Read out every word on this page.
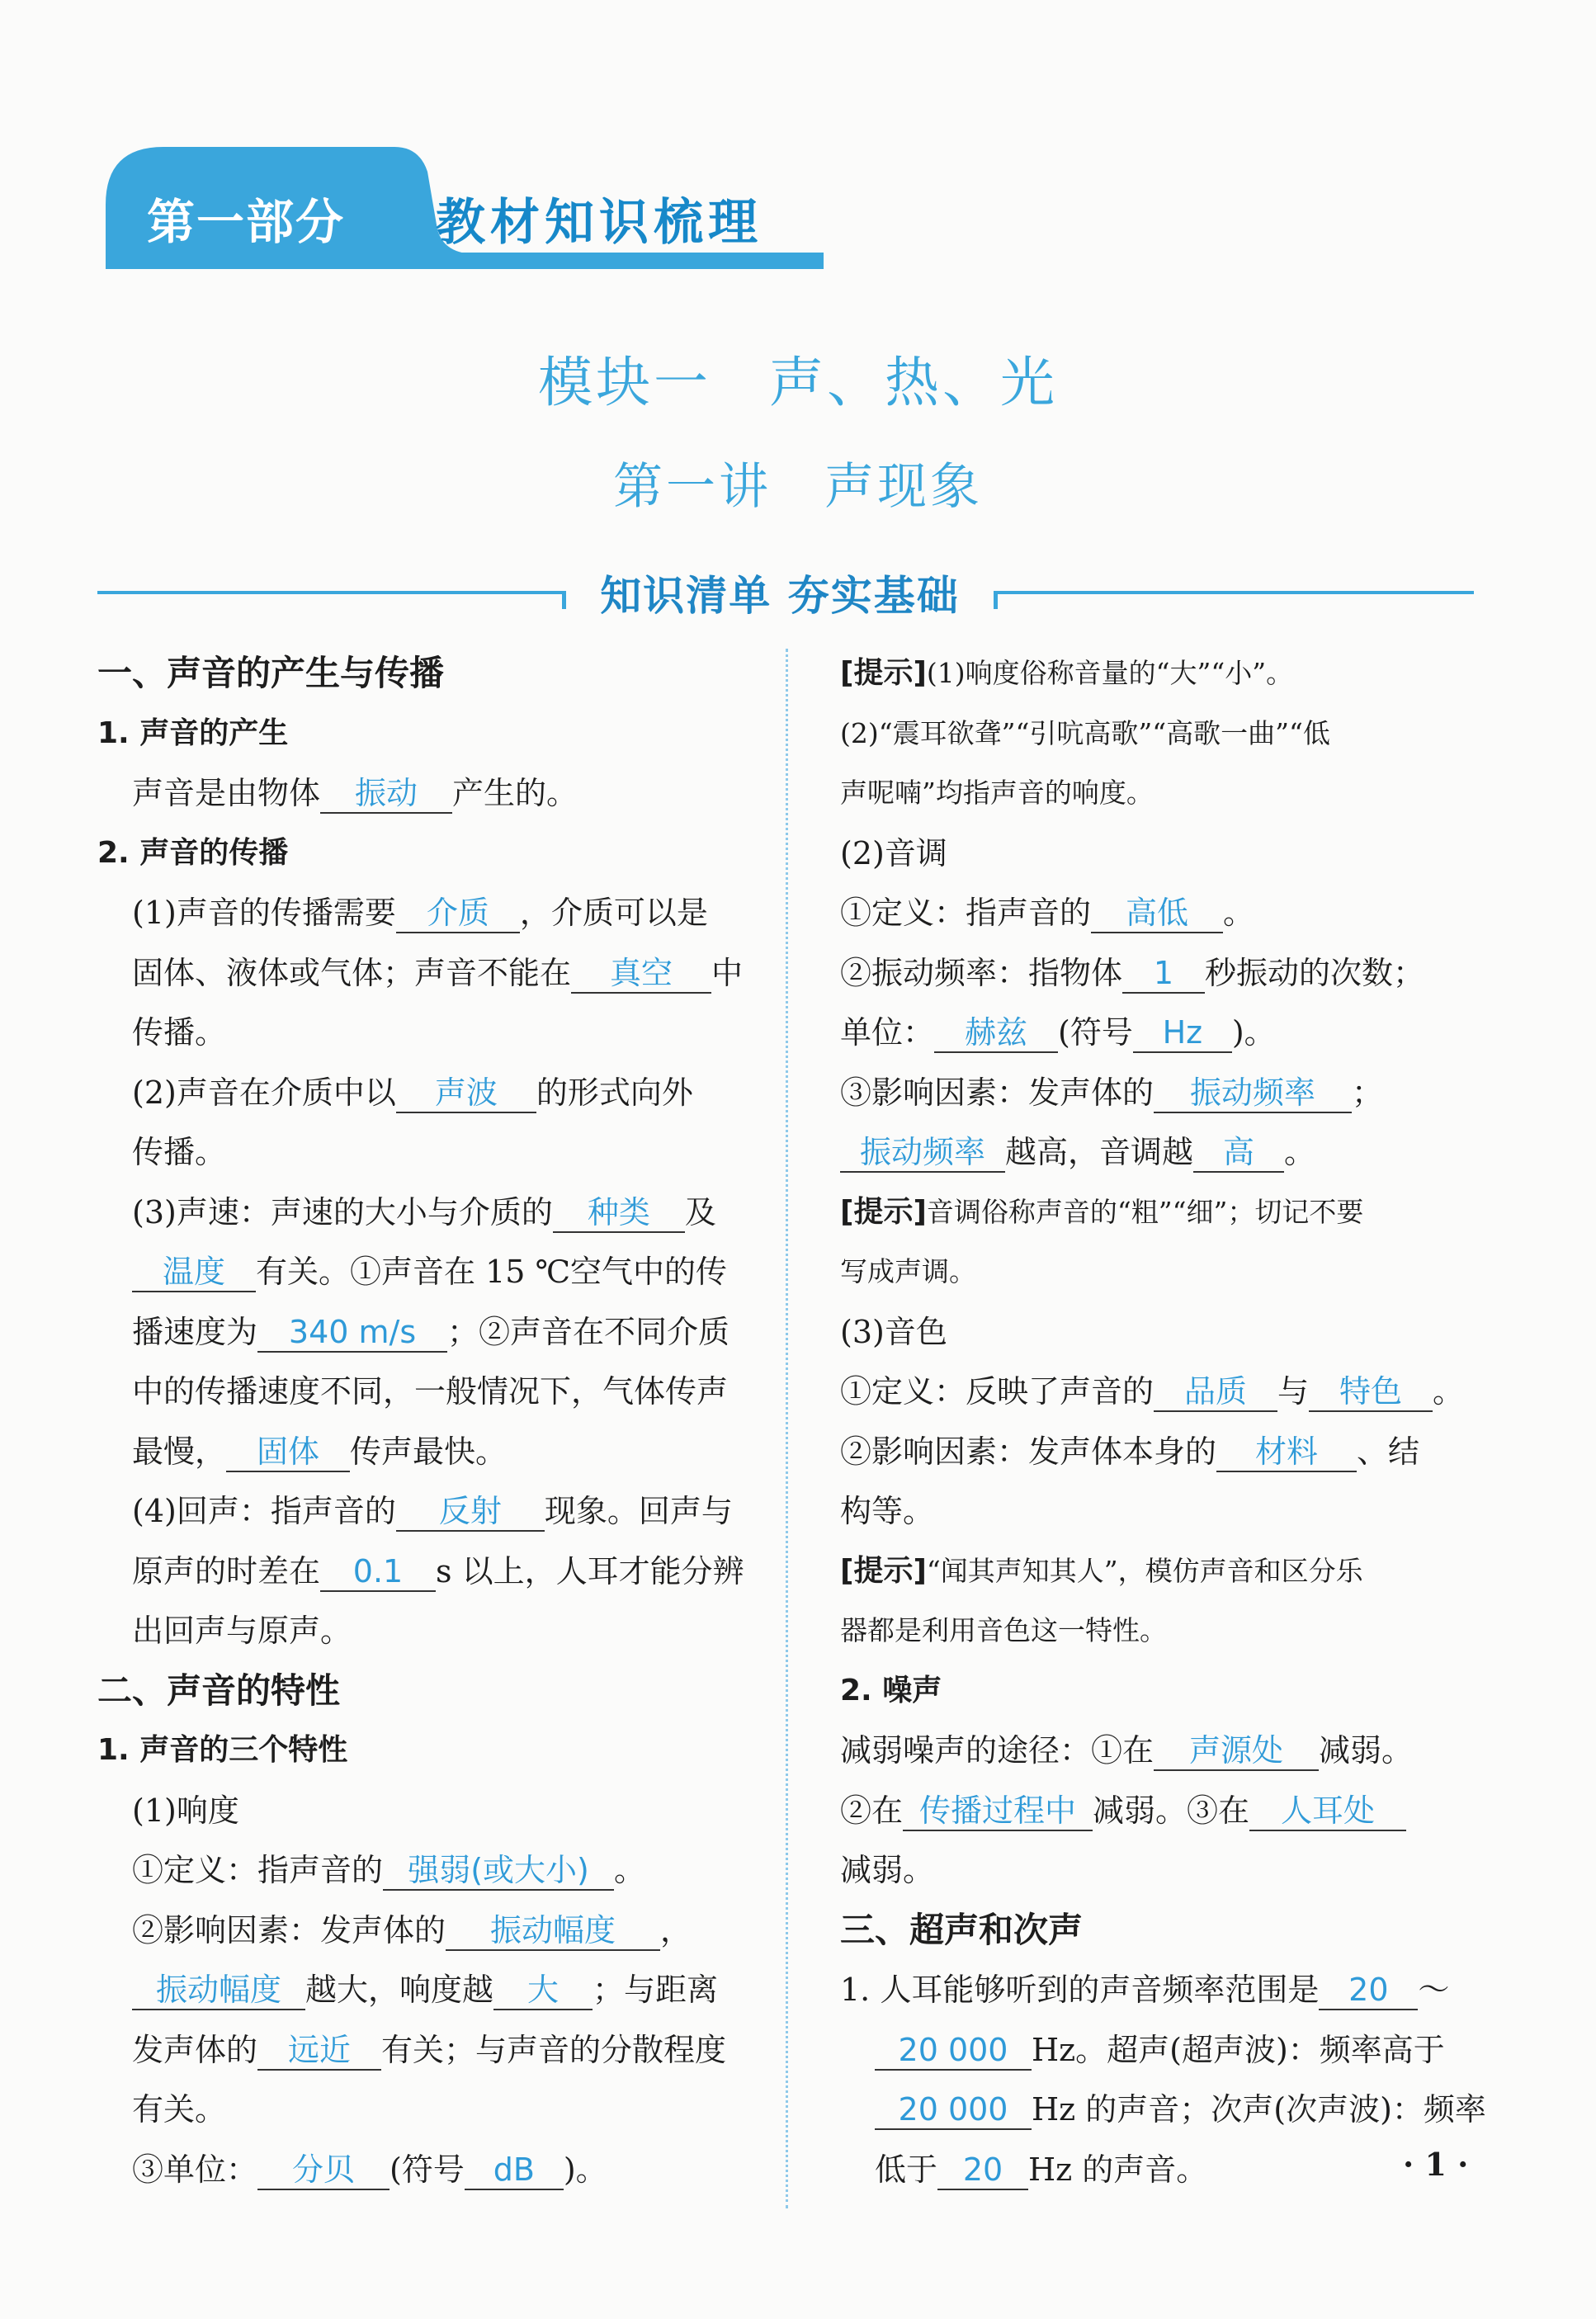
第一部分 教材知识梳理
模块一　声、热、光
第一讲　声现象
知识清单 夯实基础
一、声音的产生与传播
1. 声音的产生
声音是由物体 振动 产生的。
2. 声音的传播
(1)声音的传播需要 介质 ，介质可以是
固体、液体或气体；声音不能在 真空 中
传播。
(2)声音在介质中以 声波 的形式向外
传播。
(3)声速：声速的大小与介质的 种类 及
温度 有关。①声音在 15 ℃空气中的传
播速度为 340 m/s ；②声音在不同介质
中的传播速度不同，一般情况下，气体传声
最慢， 固体 传声最快。
(4)回声：指声音的 反射 现象。回声与
原声的时差在 0.1 s 以上，人耳才能分辨
出回声与原声。
二、声音的特性
1. 声音的三个特性
(1)响度
①定义：指声音的 强弱(或大小) 。
②影响因素：发声体的 振动幅度 ，
振动幅度 越大，响度越 大 ；与距离
发声体的 远近 有关；与声音的分散程度
有关。
③单位： 分贝 (符号 dB )。
[提示](1)响度俗称音量的“大”“小”。
(2)“震耳欲聋”“引吭高歌”“高歌一曲”“低
声呢喃”均指声音的响度。
(2)音调
①定义：指声音的 高低 。
②振动频率：指物体 1 秒振动的次数；
单位： 赫兹 (符号 Hz )。
③影响因素：发声体的 振动频率 ；
振动频率 越高，音调越 高 。
[提示]音调俗称声音的“粗”“细”；切记不要
写成声调。
(3)音色
①定义：反映了声音的 品质 与 特色 。
②影响因素：发声体本身的 材料 、结
构等。
[提示]“闻其声知其人”，模仿声音和区分乐
器都是利用音色这一特性。
2. 噪声
减弱噪声的途径：①在 声源处 减弱。
②在 传播过程中 减弱。③在 人耳处
减弱。
三、超声和次声
1. 人耳能够听到的声音频率范围是 20 ～
20 000 Hz。超声(超声波)：频率高于
20 000 Hz 的声音；次声(次声波)：频率
低于 20 Hz 的声音。	· 1 ·
